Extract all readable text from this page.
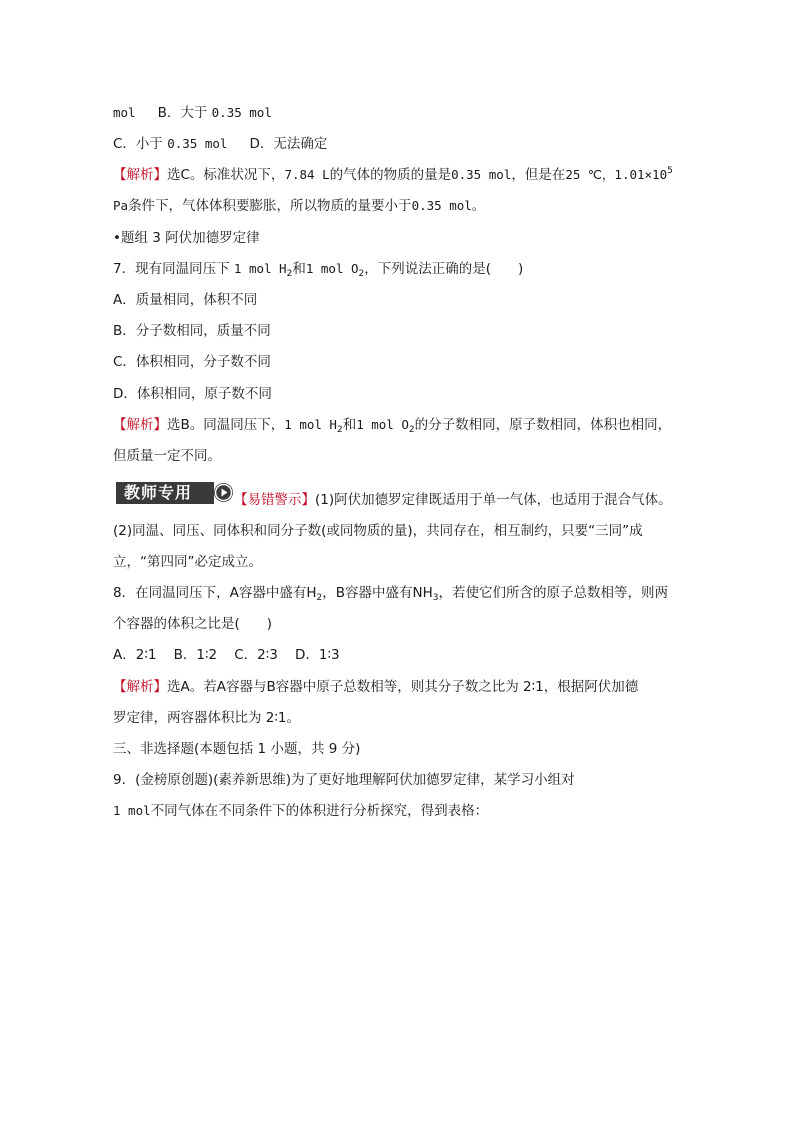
mol B．大于 0.35 mol
C．小于 0.35 mol D．无法确定
【解析】选C。标准状况下，7.84 L的气体的物质的量是0.35 mol，但是在25 ℃，$1.01\times 10^5$
Pa条件下，气体体积要膨胀，所以物质的量要小于0.35 mol。
•题组 3 阿伏加德罗定律
7．现有同温同压下 1 mol $H_2$和1 mol $O_2$，下列说法正确的是(　　)
A．质量相同，体积不同
B．分子数相同，质量不同
C．体积相同，分子数不同
D．体积相同，原子数不同
【解析】选B。同温同压下，1 mol $H_2$和1 mol $O_2$的分子数相同，原子数相同，体积也相同，
但质量一定不同。
教师专用	【易错警示】(1)阿伏加德罗定律既适用于单一气体，也适用于混合气体。
(2)同温、同压、同体积和同分子数(或同物质的量)，共同存在，相互制约，只要“三同”成
立，“第四同”必定成立。
8．在同温同压下，A容器中盛有$H_2$，B容器中盛有$NH_3$，若使它们所含的原子总数相等，则两
个容器的体积之比是(　　)
A．2∶1    B．1∶2    C．2∶3    D．1∶3
【解析】选A。若A容器与B容器中原子总数相等，则其分子数之比为 2∶1，根据阿伏加德
罗定律，两容器体积比为 2∶1。
三、非选择题(本题包括 1 小题，共 9 分)
9．(金榜原创题)(素养新思维)为了更好地理解阿伏加德罗定律，某学习小组对
1 mol不同气体在不同条件下的体积进行分析探究，得到表格：
